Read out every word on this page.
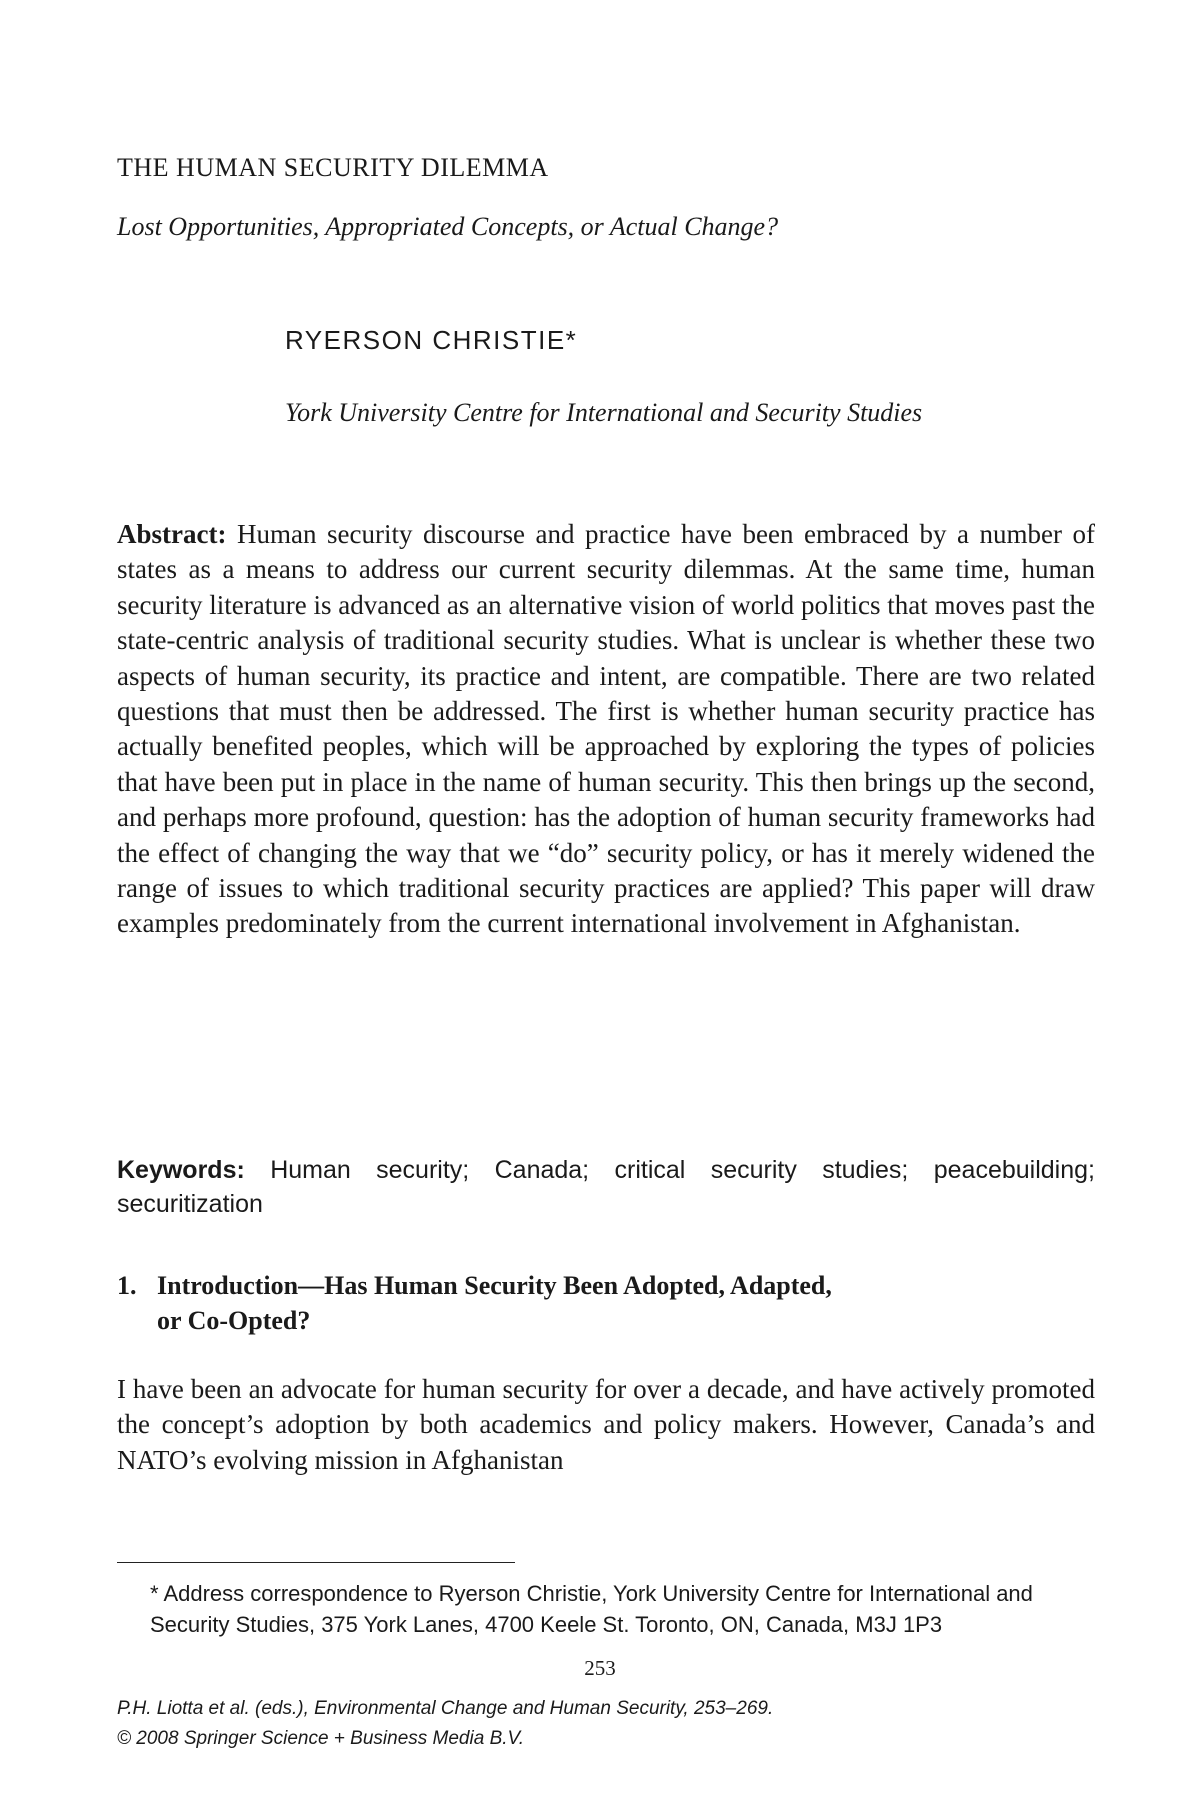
THE HUMAN SECURITY DILEMMA
Lost Opportunities, Appropriated Concepts, or Actual Change?
RYERSON CHRISTIE*
York University Centre for International and Security Studies
Abstract: Human security discourse and practice have been embraced by a number of states as a means to address our current security dilemmas. At the same time, human security literature is advanced as an alternative vision of world politics that moves past the state-centric analysis of traditional security studies. What is unclear is whether these two aspects of human security, its practice and intent, are compatible. There are two related questions that must then be addressed. The first is whether human security practice has actually benefited peoples, which will be approached by exploring the types of policies that have been put in place in the name of human security. This then brings up the second, and perhaps more profound, question: has the adoption of human security frameworks had the effect of changing the way that we “do” security policy, or has it merely widened the range of issues to which traditional security practices are applied? This paper will draw examples predominately from the current international involvement in Afghanistan.
Keywords: Human security; Canada; critical security studies; peacebuilding; securitization
1. Introduction—Has Human Security Been Adopted, Adapted,
or Co-Opted?
I have been an advocate for human security for over a decade, and have actively promoted the concept’s adoption by both academics and policy makers. However, Canada’s and NATO’s evolving mission in Afghanistan
* Address correspondence to Ryerson Christie, York University Centre for International and Security Studies, 375 York Lanes, 4700 Keele St. Toronto, ON, Canada, M3J 1P3
253
P.H. Liotta et al. (eds.), Environmental Change and Human Security, 253–269.
© 2008 Springer Science + Business Media B.V.
